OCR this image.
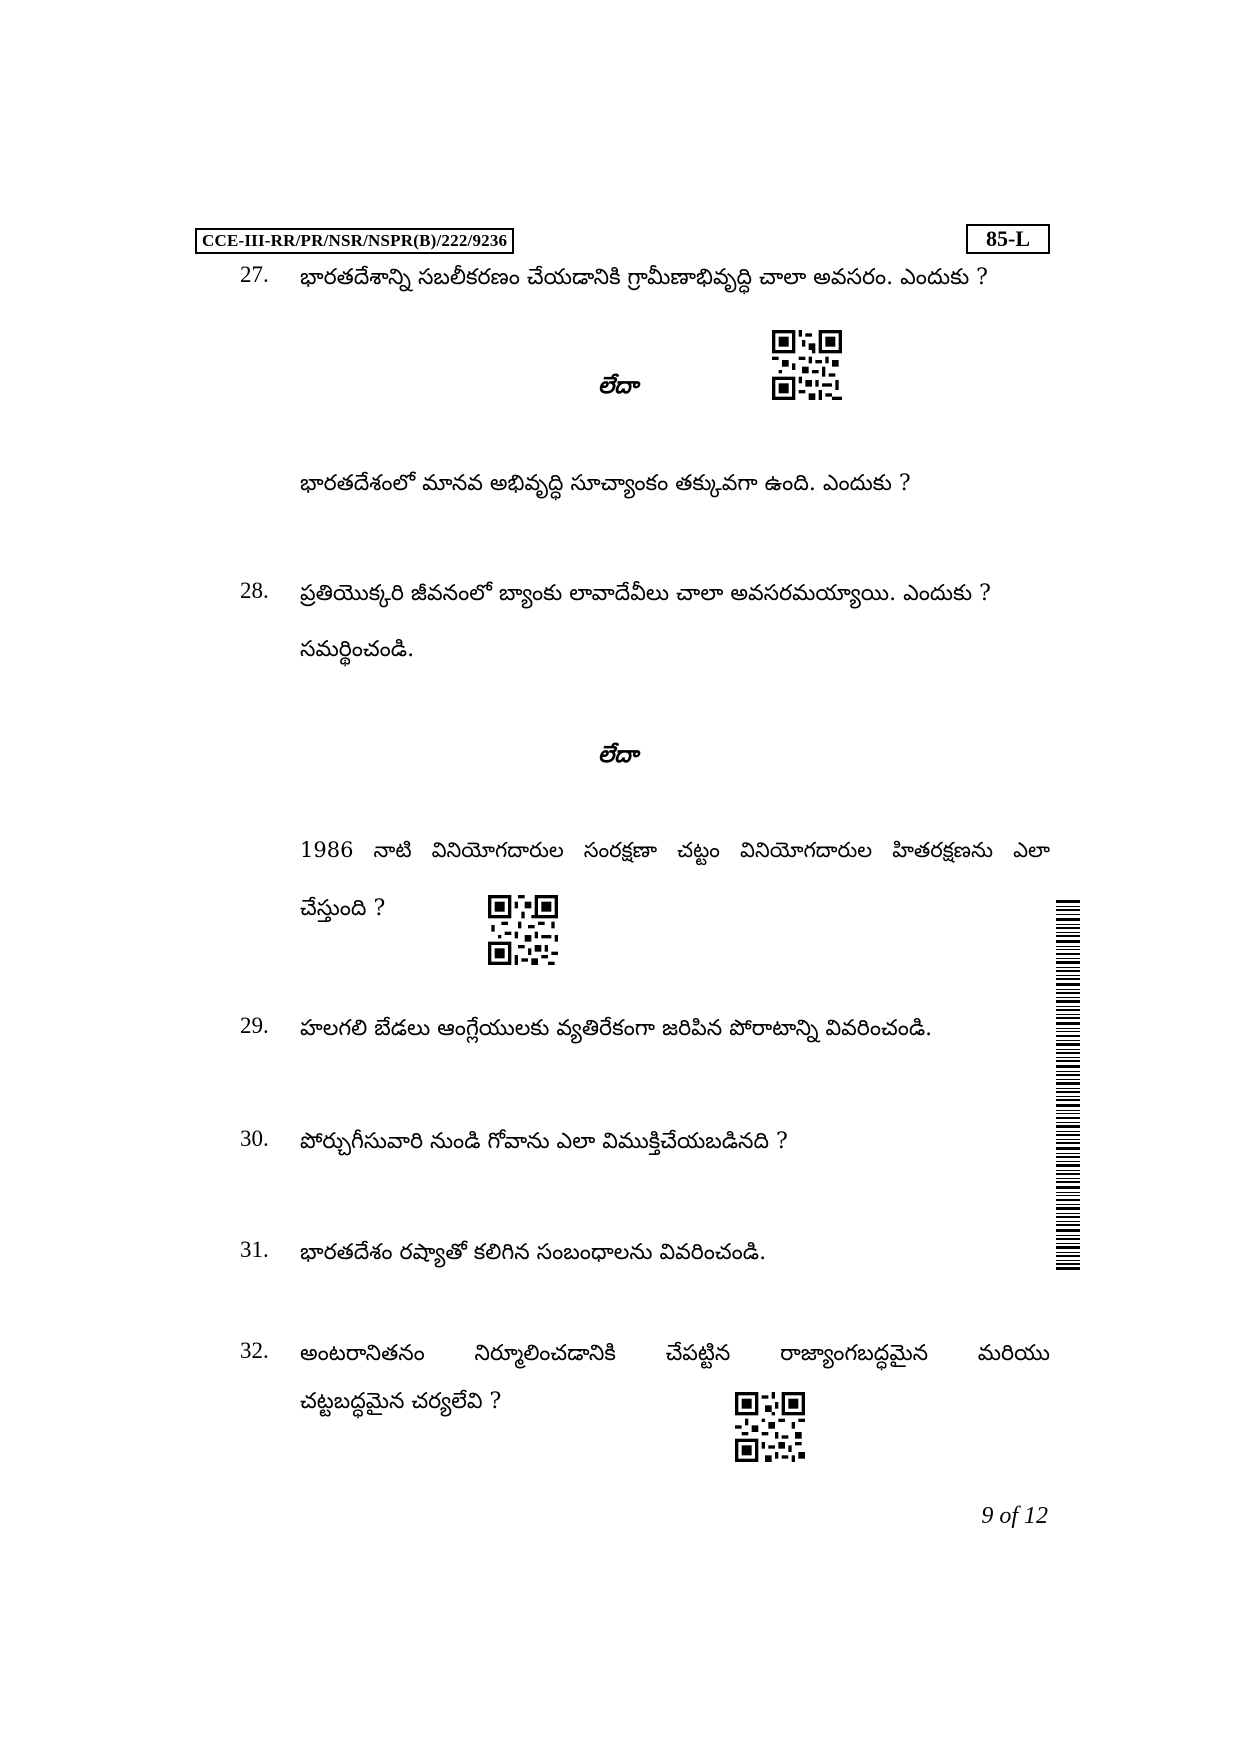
CCE-III-RR/PR/NSR/NSPR(B)/222/9236	85-L
27. భారతదేశాన్ని సబలీకరణం చేయడానికి గ్రామీణాభివృద్ధి చాలా అవసరం. ఎందుకు ?
లేదా
భారతదేశంలో మానవ అభివృద్ధి సూచ్యాంకం తక్కువగా ఉంది. ఎందుకు ?
28. ప్రతియొక్కరి జీవనంలో బ్యాంకు లావాదేవీలు చాలా అవసరమయ్యాయి. ఎందుకు ?
సమర్థించండి.
లేదా
1986 నాటి వినియోగదారుల సంరక్షణా చట్టం వినియోగదారుల హితరక్షణను ఎలా
చేస్తుంది ?
29. హలగలి బేడలు ఆంగ్లేయులకు వ్యతిరేకంగా జరిపిన పోరాటాన్ని వివరించండి.
30. పోర్చుగీసువారి నుండి గోవాను ఎలా విముక్తిచేయబడినది ?
31. భారతదేశం రష్యాతో కలిగిన సంబంధాలను వివరించండి.
32. అంటరానితనం నిర్మూలించడానికి చేపట్టిన రాజ్యాంగబద్ధమైన మరియు
చట్టబద్ధమైన చర్యలేవి ?
9 of 12
